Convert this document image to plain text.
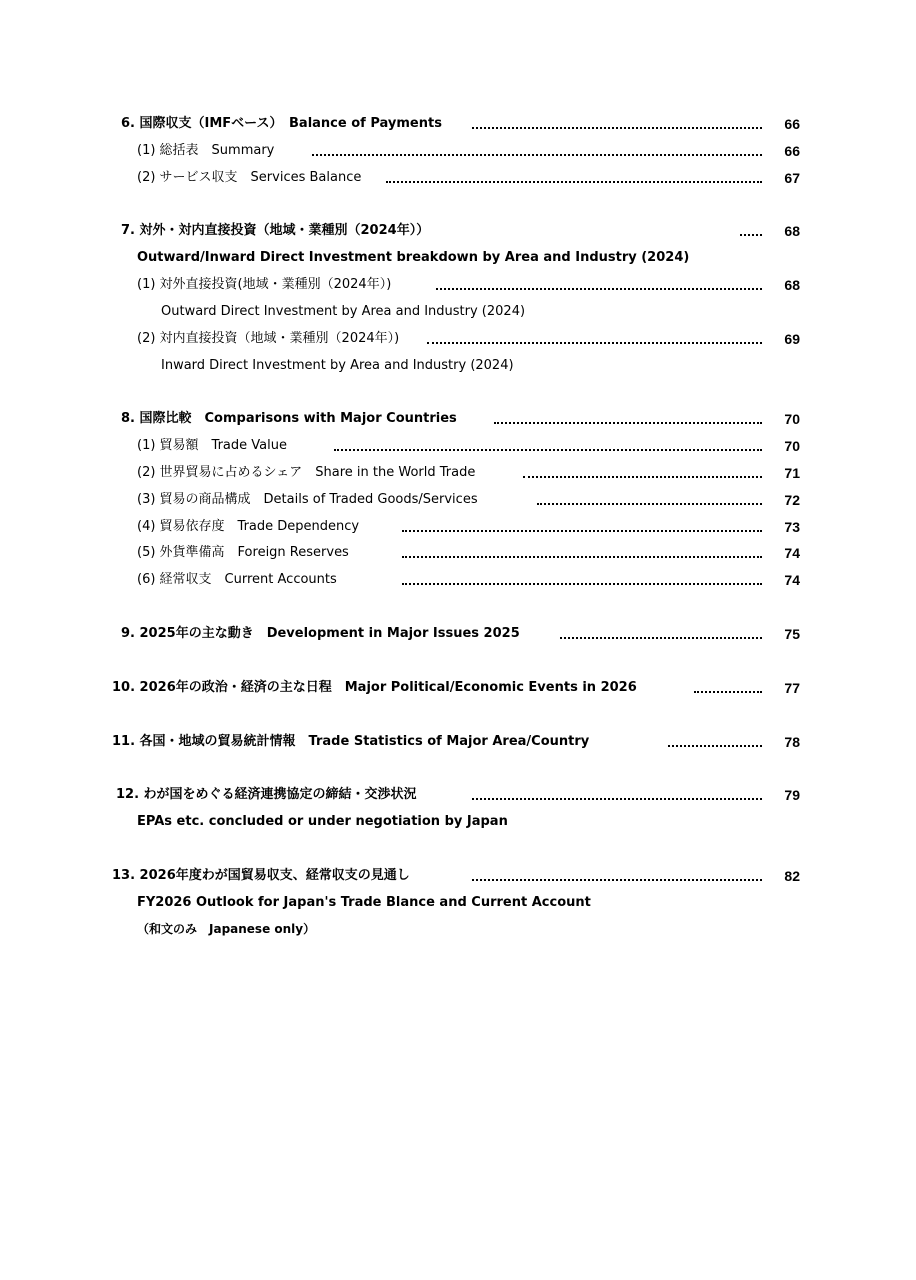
6. 国際収支（IMFベース）　Balance of Payments	66
(1) 総括表　Summary	66
(2) サービス収支　Services Balance	67
7. 対外・対内直接投資（地域・業種別（2024年））	68
Outward/Inward Direct Investment breakdown by Area and Industry (2024)
(1) 対外直接投資(地域・業種別（2024年）)	68
Outward Direct Investment by Area and Industry (2024)
(2) 対内直接投資（地域・業種別（2024年）)	69
Inward Direct Investment by Area and Industry (2024)
8. 国際比較　Comparisons with Major Countries	70
(1) 貿易額　Trade Value	70
(2) 世界貿易に占めるシェア　Share in the World Trade	71
(3) 貿易の商品構成　Details of Traded Goods/Services	72
(4) 貿易依存度　Trade Dependency	73
(5) 外貨準備高　Foreign Reserves	74
(6) 経常収支　Current Accounts	74
9. 2025年の主な動き　Development in Major Issues 2025	75
10. 2026年の政治・経済の主な日程　Major Political/Economic Events in 2026	77
11. 各国・地域の貿易統計情報　Trade Statistics of Major Area/Country	78
12. わが国をめぐる経済連携協定の締結・交渉状況	79
EPAs etc. concluded or under negotiation by Japan
13. 2026年度わが国貿易収支、経常収支の見通し	82
FY2026 Outlook for Japan's Trade Blance and Current Account
（和文のみ　Japanese only）
